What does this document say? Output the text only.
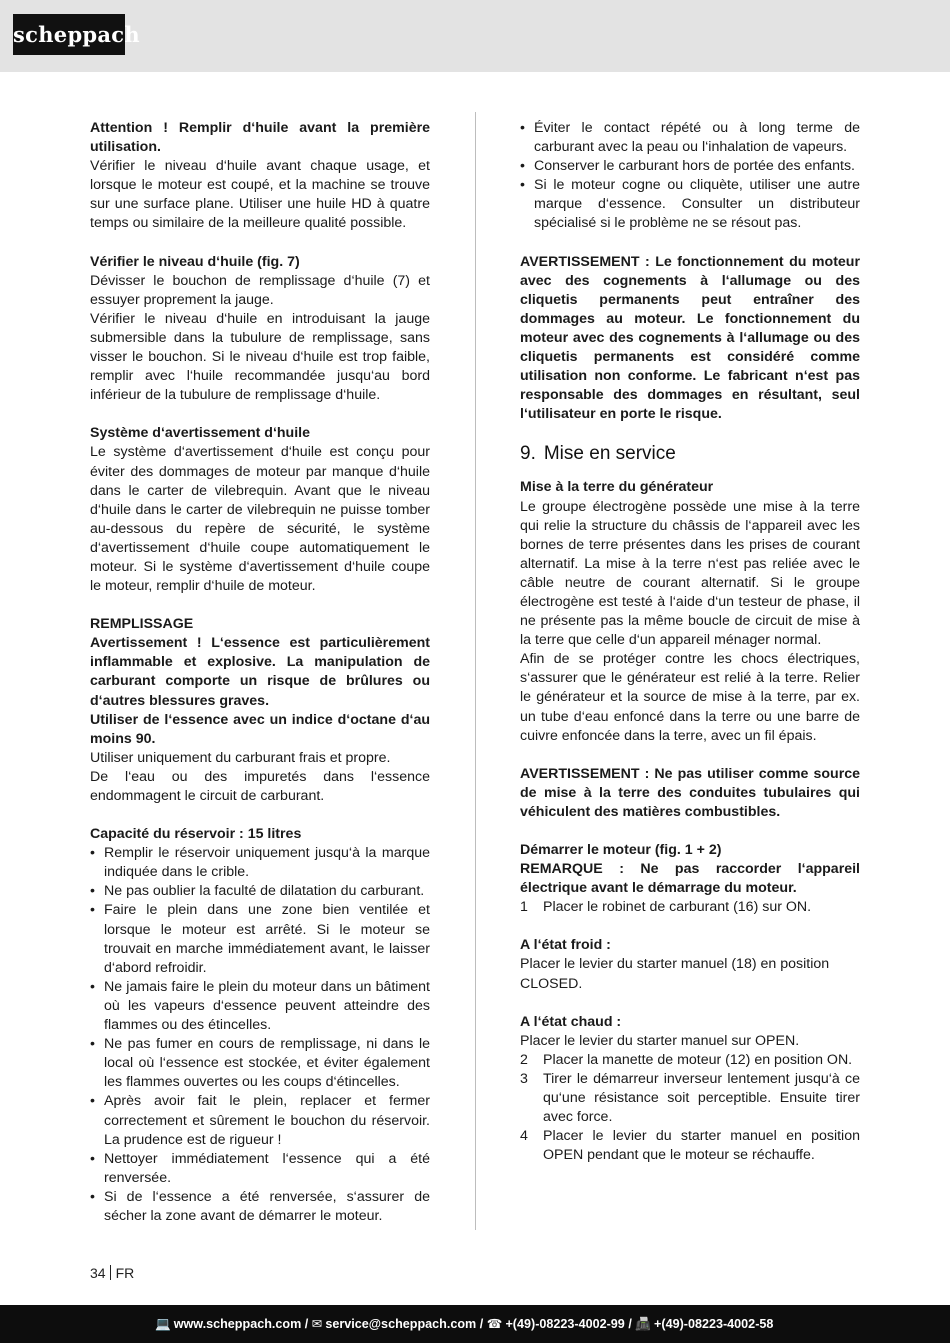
scheppach

Attention ! Remplir d‘huile avant la première utilisation.

Vérifier le niveau d‘huile avant chaque usage, et lorsque le moteur est coupé, et la machine se trouve sur une surface plane. Utiliser une huile HD à quatre temps ou similaire de la meilleure qualité possible.

Vérifier le niveau d‘huile (fig. 7)

Dévisser le bouchon de remplissage d‘huile (7) et essuyer proprement la jauge.

Vérifier le niveau d‘huile en introduisant la jauge submersible dans la tubulure de remplissage, sans visser le bouchon. Si le niveau d‘huile est trop faible, remplir avec l‘huile recommandée jusqu‘au bord inférieur de la tubulure de remplissage d‘huile.

Système d‘avertissement d‘huile

Le système d‘avertissement d‘huile est conçu pour éviter des dommages de moteur par manque d‘huile dans le carter de vilebrequin. Avant que le niveau d‘huile dans le carter de vilebrequin ne puisse tomber au-dessous du repère de sécurité, le système d‘avertissement d‘huile coupe automatiquement le moteur. Si le système d‘avertissement d‘huile coupe le moteur, remplir d‘huile de moteur.

REMPLISSAGE

Avertissement ! L‘essence est particulièrement inflammable et explosive. La manipulation de carburant comporte un risque de brûlures ou d‘autres blessures graves.

Utiliser de l‘essence avec un indice d‘octane d‘au moins 90.

Utiliser uniquement du carburant frais et propre.

De l‘eau ou des impuretés dans l‘essence endommagent le circuit de carburant.

Capacité du réservoir : 15 litres

• Remplir le réservoir uniquement jusqu‘à la marque indiquée dans le crible.
• Ne pas oublier la faculté de dilatation du carburant.
• Faire le plein dans une zone bien ventilée et lorsque le moteur est arrêté. Si le moteur se trouvait en marche immédiatement avant, le laisser d‘abord refroidir.
• Ne jamais faire le plein du moteur dans un bâtiment où les vapeurs d‘essence peuvent atteindre des flammes ou des étincelles.
• Ne pas fumer en cours de remplissage, ni dans le local où l‘essence est stockée, et éviter également les flammes ouvertes ou les coups d‘étincelles.
• Après avoir fait le plein, replacer et fermer correctement et sûrement le bouchon du réservoir. La prudence est de rigueur !
• Nettoyer immédiatement l‘essence qui a été renversée.
• Si de l‘essence a été renversée, s‘assurer de sécher la zone avant de démarrer le moteur.
• Éviter le contact répété ou à long terme de carburant avec la peau ou l‘inhalation de vapeurs.
• Conserver le carburant hors de portée des enfants.
• Si le moteur cogne ou cliquète, utiliser une autre marque d‘essence. Consulter un distributeur spécialisé si le problème ne se résout pas.

AVERTISSEMENT : Le fonctionnement du moteur avec des cognements à l‘allumage ou des cliquetis permanents peut entraîner des dommages au moteur. Le fonctionnement du moteur avec des cognements à l‘allumage ou des cliquetis permanents est considéré comme utilisation non conforme. Le fabricant n‘est pas responsable des dommages en résultant, seul l‘utilisateur en porte le risque.

9. Mise en service

Mise à la terre du générateur

Le groupe électrogène possède une mise à la terre qui relie la structure du châssis de l‘appareil avec les bornes de terre présentes dans les prises de courant alternatif. La mise à la terre n‘est pas reliée avec le câble neutre de courant alternatif. Si le groupe électrogène est testé à l‘aide d‘un testeur de phase, il ne présente pas la même boucle de circuit de mise à la terre que celle d‘un appareil ménager normal.

Afin de se protéger contre les chocs électriques, s‘assurer que le générateur est relié à la terre. Relier le générateur et la source de mise à la terre, par ex. un tube d‘eau enfoncé dans la terre ou une barre de cuivre enfoncée dans la terre, avec un fil épais.

AVERTISSEMENT : Ne pas utiliser comme source de mise à la terre des conduites tubulaires qui véhiculent des matières combustibles.

Démarrer le moteur (fig. 1 + 2)

REMARQUE : Ne pas raccorder l‘appareil électrique avant le démarrage du moteur.

1 Placer le robinet de carburant (16) sur ON.

A l‘état froid :

Placer le levier du starter manuel (18) en position CLOSED.

A l‘état chaud :

Placer le levier du starter manuel sur OPEN.

2 Placer la manette de moteur (12) en position ON.
3 Tirer le démarreur inverseur lentement jusqu‘à ce qu‘une résistance soit perceptible. Ensuite tirer avec force.
4 Placer le levier du starter manuel en position OPEN pendant que le moteur se réchauffe.
34 FR
💻 www.scheppach.com / ✉ service@scheppach.com / ☎ +(49)-08223-4002-99 / 📠 +(49)-08223-4002-58
